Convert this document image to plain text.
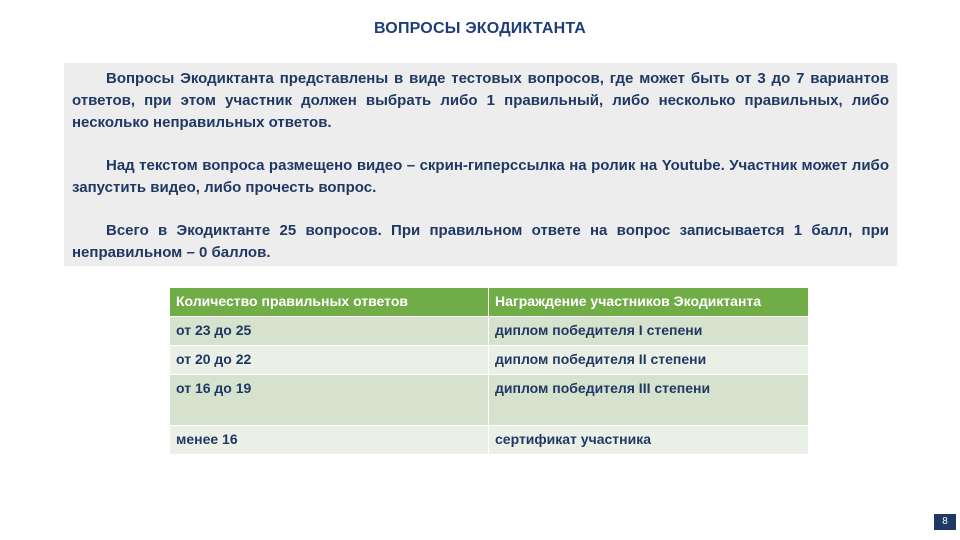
ВОПРОСЫ ЭКОДИКТАНТА

Вопросы Экодиктанта представлены в виде тестовых вопросов, где может быть от 3 до 7 вариантов ответов, при этом участник должен выбрать либо 1 правильный, либо несколько правильных, либо несколько неправильных ответов.

Над текстом вопроса размещено видео – скрин-гиперссылка на ролик на Youtube. Участник может либо запустить видео, либо прочесть вопрос.

Всего в Экодиктанте 25 вопросов. При правильном ответе на вопрос записывается 1 балл, при неправильном – 0 баллов.

Количество правильных ответов	Награждение участников Экодиктанта
от 23 до 25	диплом победителя I степени
от 20 до 22	диплом победителя II степени
от 16 до 19	диплом победителя III степени
менее 16	сертификат участника
8
